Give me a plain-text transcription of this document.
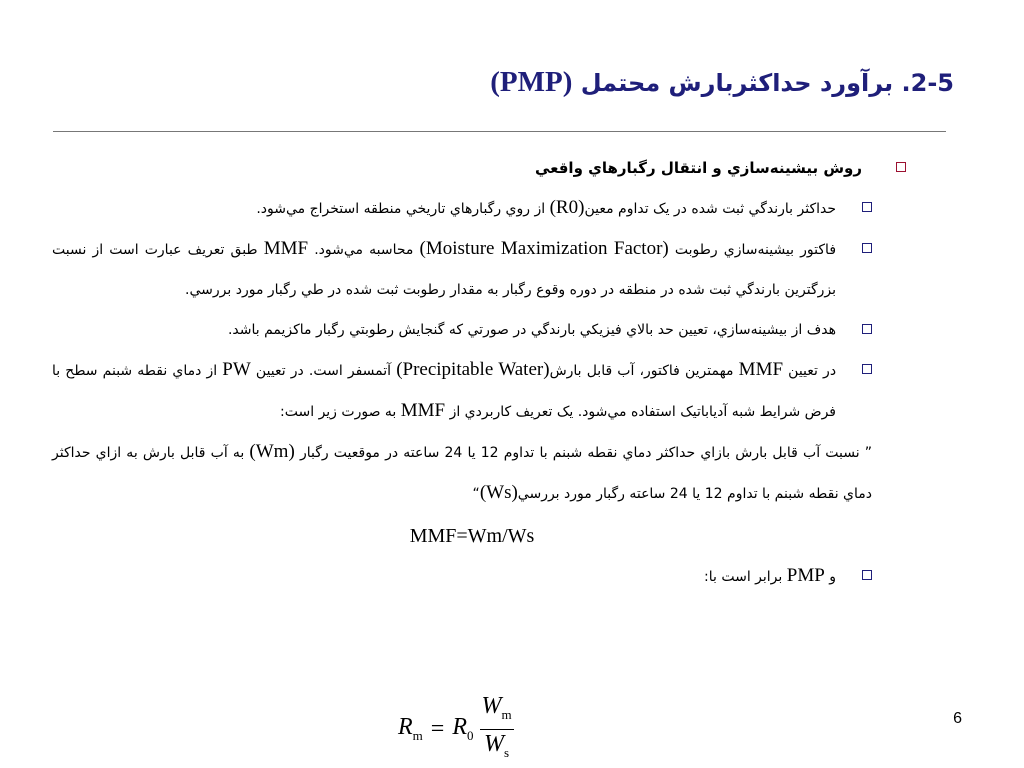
2-5. برآورد حداکثربارش محتمل (PMP)
روش بيشينه‌سازي و انتقال رگبارهاي واقعي
حداکثر بارندگي ثبت شده در يک تداوم معين(R0) از روي رگبارهاي تاريخي منطقه استخراج مي‌شود.
فاکتور بيشينه‌سازي رطوبت (Moisture Maximization Factor) محاسبه مي‌شود. MMF طبق تعريف عبارت است از نسبت بزرگترين بارندگي ثبت شده در منطقه در دوره وقوع رگبار به مقدار رطوبت ثبت شده در طي رگبار مورد بررسي.
هدف از بيشينه‌سازي، تعيين حد بالاي فيزيکي بارندگي در صورتي که گنجايش رطوبتي رگبار ماکزيمم باشد.
در تعيين MMF مهمترين فاکتور، آب قابل بارش(Precipitable Water) آتمسفر است. در تعيين PW از دماي نقطه شبنم سطح با فرض شرايط شبه آدياباتيک استفاده مي‌شود. يک تعريف کاربردي از MMF به صورت زير است:
” نسبت آب قابل بارش بازاي حداکثر دماي نقطه شبنم با تداوم 12 يا 24 ساعته در موقعيت رگبار (Wm) به آب قابل بارش به ازاي حداکثر دماي نقطه شبنم با تداوم 12 يا 24 ساعته رگبار مورد بررسي(Ws)“
MMF=Wm/Ws
و PMP برابر است با:
$R_m = R_0 \frac{W_m}{W_s}$	6
